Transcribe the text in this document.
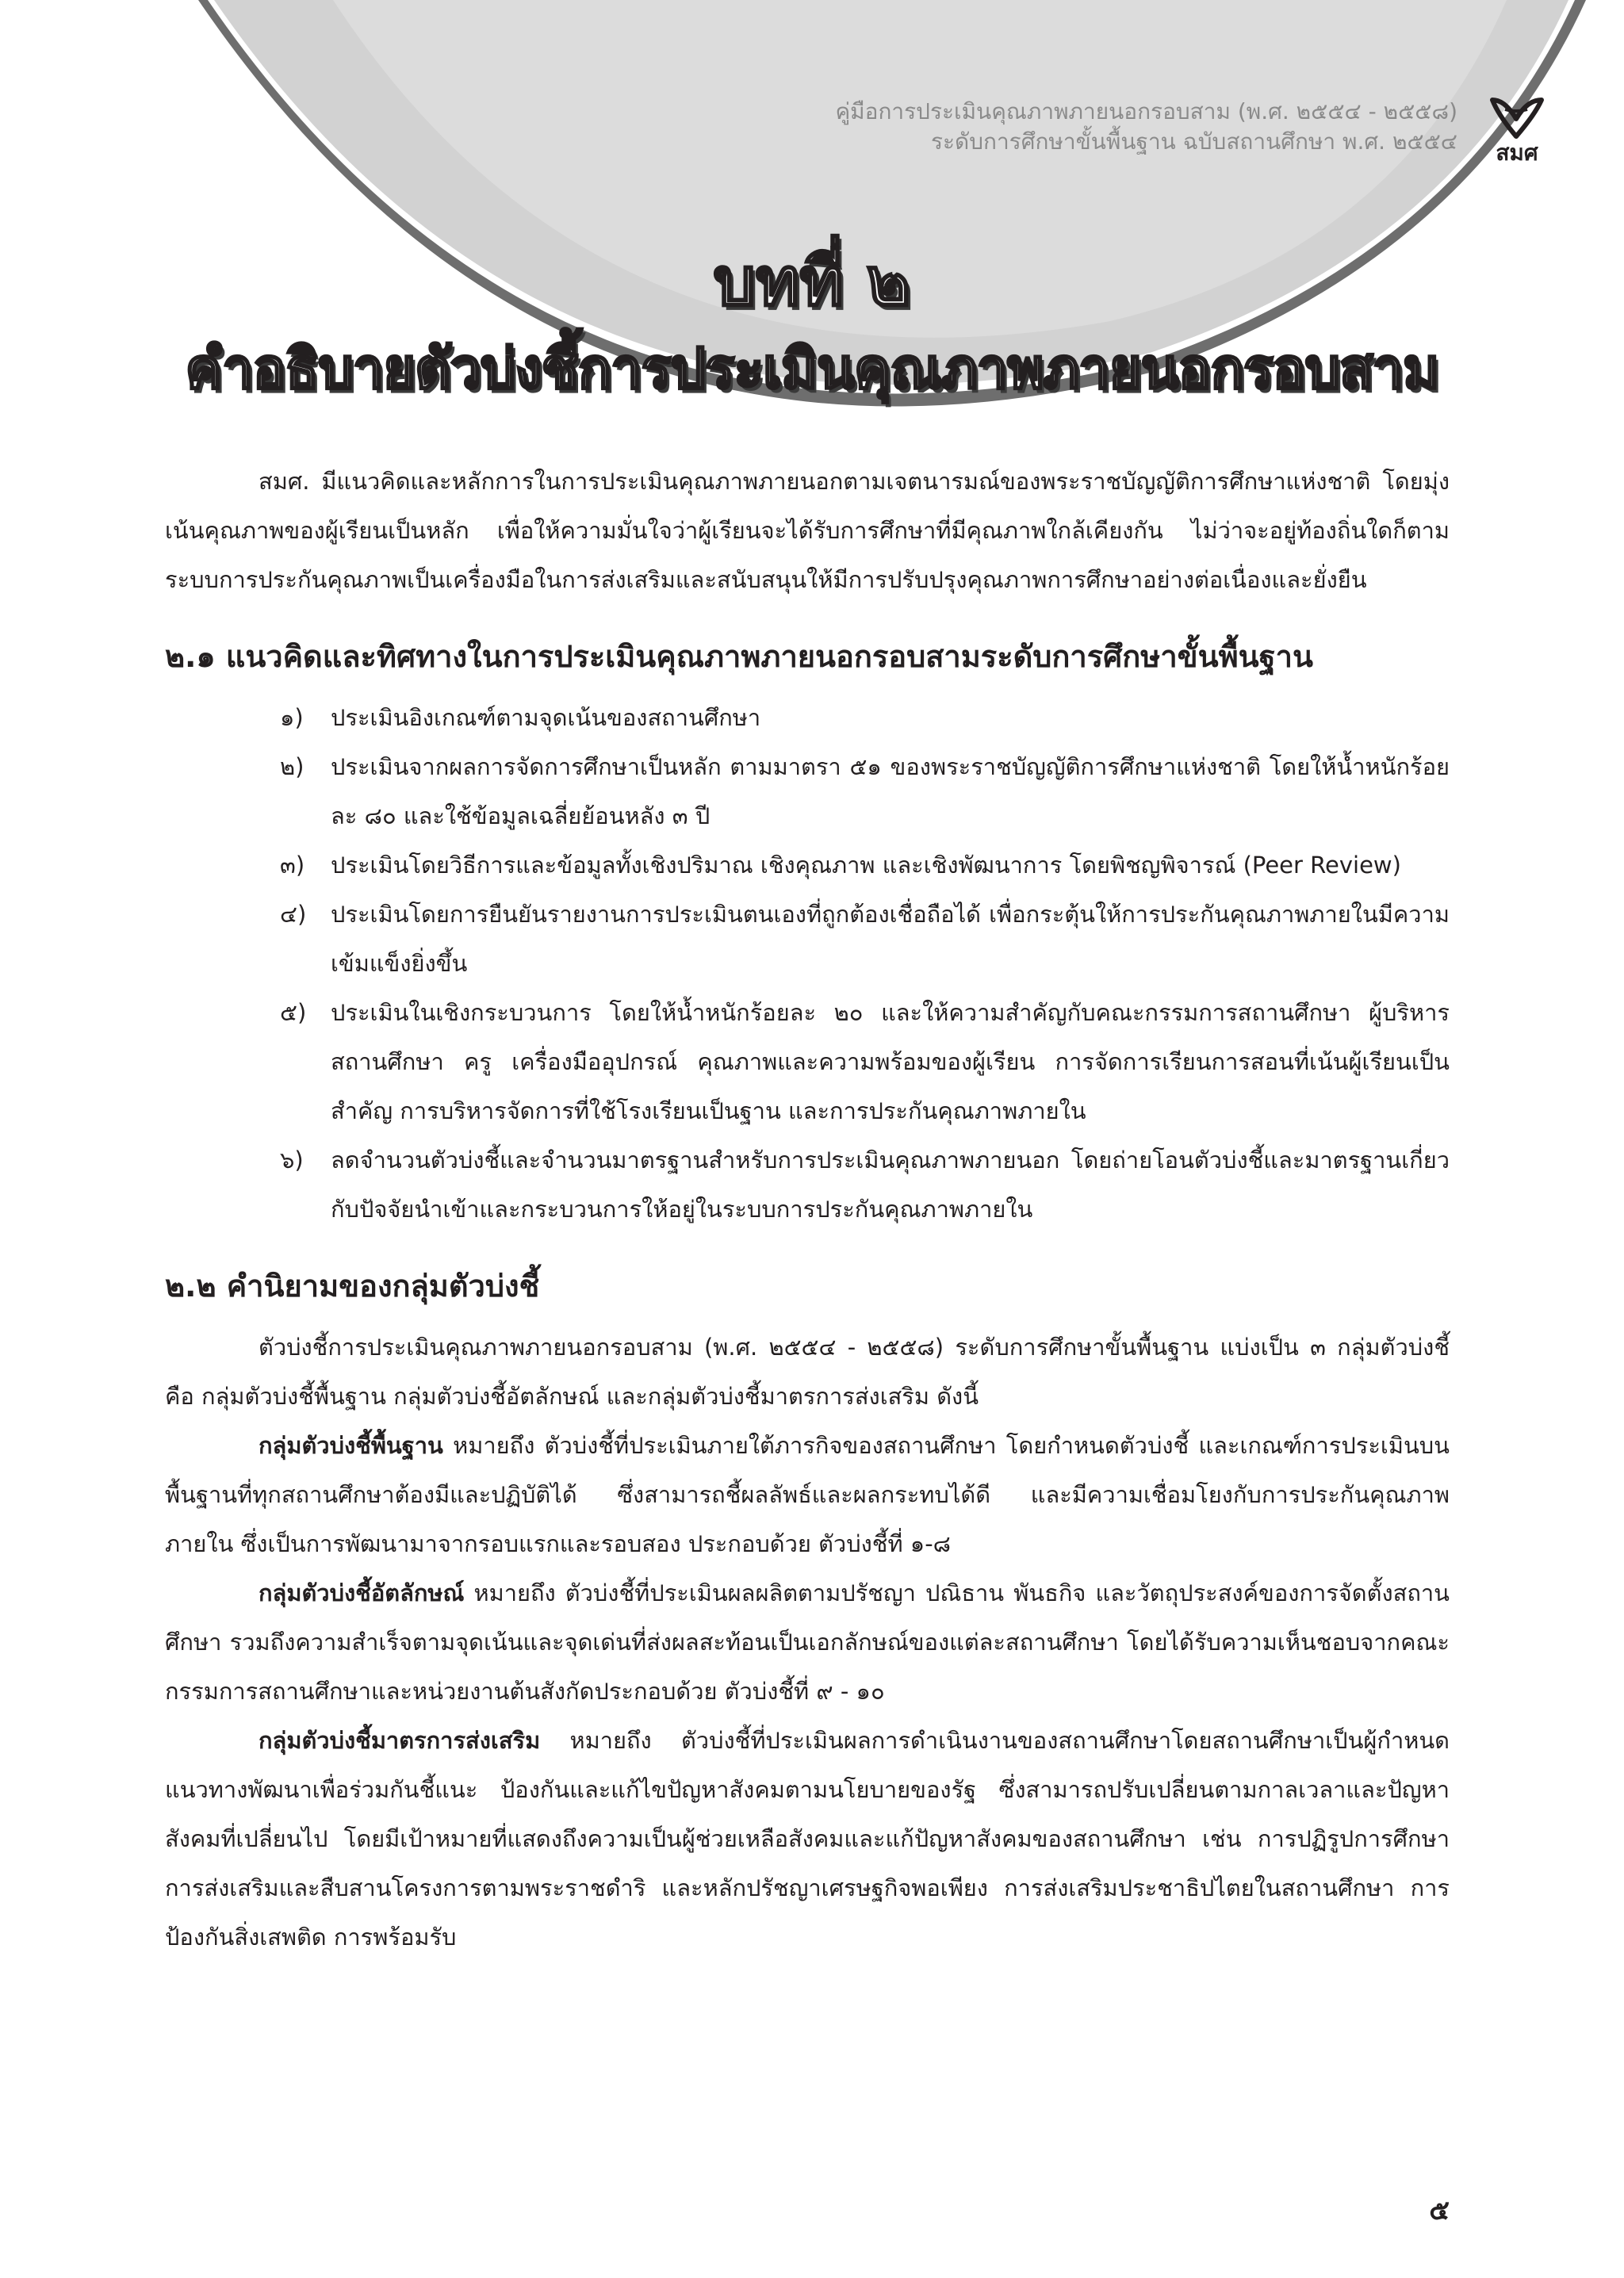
คู่มือการประเมินคุณภาพภายนอกรอบสาม (พ.ศ. ๒๕๕๔ - ๒๕๕๘)
ระดับการศึกษาขั้นพื้นฐาน ฉบับสถานศึกษา พ.ศ. ๒๕๕๔	สมศ
บทที่ ๒
คำอธิบายตัวบ่งชี้การประเมินคุณภาพภายนอกรอบสาม

สมศ. มีแนวคิดและหลักการในการประเมินคุณภาพภายนอกตามเจตนารมณ์ของพระราชบัญญัติการศึกษาแห่งชาติ โดยมุ่งเน้นคุณภาพของผู้เรียนเป็นหลัก เพื่อให้ความมั่นใจว่าผู้เรียนจะได้รับการศึกษาที่มีคุณภาพใกล้เคียงกัน ไม่ว่าจะอยู่ท้องถิ่นใดก็ตาม ระบบการประกันคุณภาพเป็นเครื่องมือในการส่งเสริมและสนับสนุนให้มีการปรับปรุงคุณภาพการศึกษาอย่างต่อเนื่องและยั่งยืน

๒.๑ แนวคิดและทิศทางในการประเมินคุณภาพภายนอกรอบสามระดับการศึกษาขั้นพื้นฐาน
๑) ประเมินอิงเกณฑ์ตามจุดเน้นของสถานศึกษา
๒) ประเมินจากผลการจัดการศึกษาเป็นหลัก ตามมาตรา ๕๑ ของพระราชบัญญัติการศึกษาแห่งชาติ โดยให้น้ำหนักร้อยละ ๘๐ และใช้ข้อมูลเฉลี่ยย้อนหลัง ๓ ปี
๓) ประเมินโดยวิธีการและข้อมูลทั้งเชิงปริมาณ เชิงคุณภาพ และเชิงพัฒนาการ โดยพิชญพิจารณ์ (Peer Review)
๔) ประเมินโดยการยืนยันรายงานการประเมินตนเองที่ถูกต้องเชื่อถือได้ เพื่อกระตุ้นให้การประกันคุณภาพภายในมีความเข้มแข็งยิ่งขึ้น
๕) ประเมินในเชิงกระบวนการ โดยให้น้ำหนักร้อยละ ๒๐ และให้ความสำคัญกับคณะกรรมการสถานศึกษา ผู้บริหารสถานศึกษา ครู เครื่องมืออุปกรณ์ คุณภาพและความพร้อมของผู้เรียน การจัดการเรียนการสอนที่เน้นผู้เรียนเป็นสำคัญ การบริหารจัดการที่ใช้โรงเรียนเป็นฐาน และการประกันคุณภาพภายใน
๖) ลดจำนวนตัวบ่งชี้และจำนวนมาตรฐานสำหรับการประเมินคุณภาพภายนอก โดยถ่ายโอนตัวบ่งชี้และมาตรฐานเกี่ยวกับปัจจัยนำเข้าและกระบวนการให้อยู่ในระบบการประกันคุณภาพภายใน
๒.๒ คำนิยามของกลุ่มตัวบ่งชี้

ตัวบ่งชี้การประเมินคุณภาพภายนอกรอบสาม (พ.ศ. ๒๕๕๔ - ๒๕๕๘) ระดับการศึกษาขั้นพื้นฐาน แบ่งเป็น ๓ กลุ่มตัวบ่งชี้ คือ กลุ่มตัวบ่งชี้พื้นฐาน กลุ่มตัวบ่งชี้อัตลักษณ์ และกลุ่มตัวบ่งชี้มาตรการส่งเสริม ดังนี้

กลุ่มตัวบ่งชี้พื้นฐาน หมายถึง ตัวบ่งชี้ที่ประเมินภายใต้ภารกิจของสถานศึกษา โดยกำหนดตัวบ่งชี้ และเกณฑ์การประเมินบนพื้นฐานที่ทุกสถานศึกษาต้องมีและปฏิบัติได้ ซึ่งสามารถชี้ผลลัพธ์และผลกระทบได้ดี และมีความเชื่อมโยงกับการประกันคุณภาพภายใน ซึ่งเป็นการพัฒนามาจากรอบแรกและรอบสอง ประกอบด้วย ตัวบ่งชี้ที่ ๑-๘

กลุ่มตัวบ่งชี้อัตลักษณ์ หมายถึง ตัวบ่งชี้ที่ประเมินผลผลิตตามปรัชญา ปณิธาน พันธกิจ และวัตถุประสงค์ของการจัดตั้งสถานศึกษา รวมถึงความสำเร็จตามจุดเน้นและจุดเด่นที่ส่งผลสะท้อนเป็นเอกลักษณ์ของแต่ละสถานศึกษา โดยได้รับความเห็นชอบจากคณะกรรมการสถานศึกษาและหน่วยงานต้นสังกัดประกอบด้วย ตัวบ่งชี้ที่ ๙ - ๑๐

กลุ่มตัวบ่งชี้มาตรการส่งเสริม หมายถึง ตัวบ่งชี้ที่ประเมินผลการดำเนินงานของสถานศึกษาโดยสถานศึกษาเป็นผู้กำหนดแนวทางพัฒนาเพื่อร่วมกันชี้แนะ ป้องกันและแก้ไขปัญหาสังคมตามนโยบายของรัฐ ซึ่งสามารถปรับเปลี่ยนตามกาลเวลาและปัญหาสังคมที่เปลี่ยนไป โดยมีเป้าหมายที่แสดงถึงความเป็นผู้ช่วยเหลือสังคมและแก้ปัญหาสังคมของสถานศึกษา เช่น การปฏิรูปการศึกษา การส่งเสริมและสืบสานโครงการตามพระราชดำริ และหลักปรัชญาเศรษฐกิจพอเพียง การส่งเสริมประชาธิปไตยในสถานศึกษา การป้องกันสิ่งเสพติด การพร้อมรับ

๕
